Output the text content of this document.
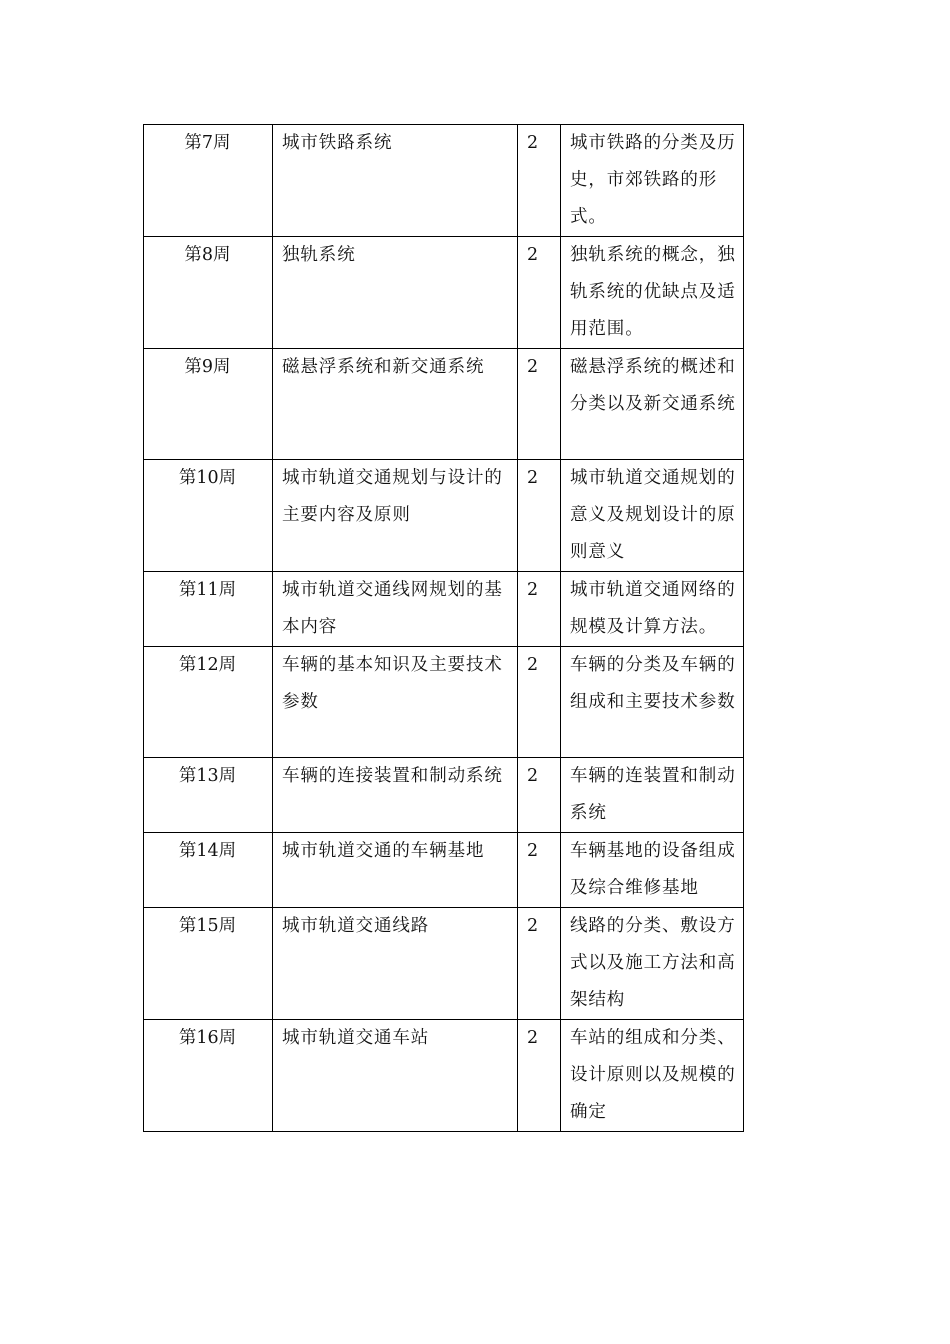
第7周	城市铁路系统	2	城市铁路的分类及历史，市郊铁路的形式。
第8周	独轨系统	2	独轨系统的概念，独轨系统的优缺点及适用范围。
第9周	磁悬浮系统和新交通系统	2	磁悬浮系统的概述和分类以及新交通系统
第10周	城市轨道交通规划与设计的主要内容及原则	2	城市轨道交通规划的意义及规划设计的原则意义
第11周	城市轨道交通线网规划的基本内容	2	城市轨道交通网络的规模及计算方法。
第12周	车辆的基本知识及主要技术参数	2	车辆的分类及车辆的组成和主要技术参数
第13周	车辆的连接装置和制动系统	2	车辆的连装置和制动系统
第14周	城市轨道交通的车辆基地	2	车辆基地的设备组成及综合维修基地
第15周	城市轨道交通线路	2	线路的分类、敷设方式以及施工方法和高架结构
第16周	城市轨道交通车站	2	车站的组成和分类、设计原则以及规模的确定
